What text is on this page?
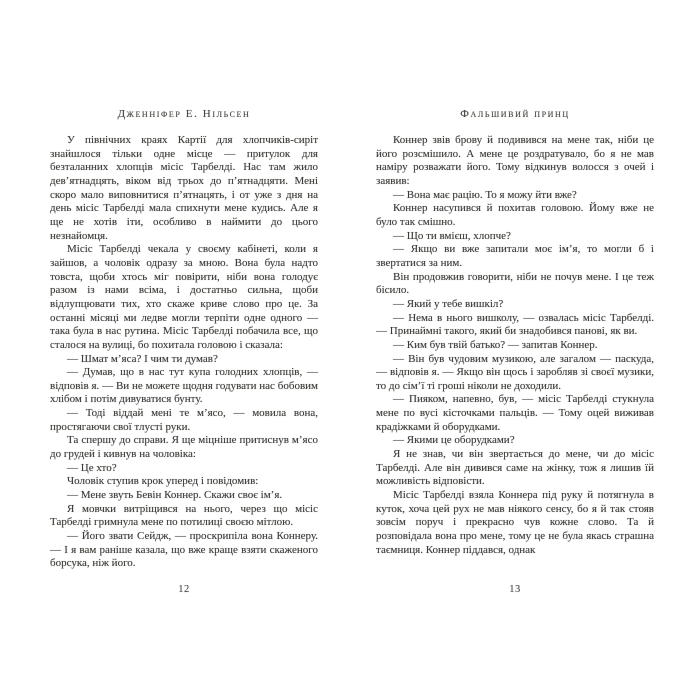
Дженніфер Е. Нільсен

У північних краях Картії для хлопчиків-сиріт знайшлося тільки одне місце — притулок для безталанних хлопців місіс Тарбелді. Нас там жило дев’ятнадцять, віком від трьох до п’ятнадцяти. Мені скоро мало виповнитися п’ятнацять, і от уже з дня на день місіс Тарбелді мала спихнути мене кудись. Але я ще не хотів іти, особливо в наймити до цього незнайомця.

Місіс Тарбелді чекала у своєму кабінеті, коли я зайшов, а чоловік одразу за мною. Вона була надто товста, щоби хтось міг повірити, ніби вона голодує разом із нами всіма, і достатньо сильна, щоби відлупцювати тих, хто скаже криве слово про це. За останні місяці ми ледве могли терпіти одне одного — така була в нас рутина. Місіс Тарбелді побачила все, що сталося на вулиці, бо похитала головою і сказала:

— Шмат м’яса? І чим ти думав?

— Думав, що в нас тут купа голодних хлопців, — відповів я. — Ви не можете щодня годувати нас бобовим хлібом і потім дивуватися бунту.

— Тоді віддай мені те м’ясо, — мовила вона, простягаючи свої тлусті руки.

Та спершу до справи. Я ще міцніше притиснув м’ясо до грудей і кивнув на чоловіка:

— Це хто?

Чоловік ступив крок уперед і повідомив:

— Мене звуть Бевін Коннер. Скажи своє ім’я.

Я мовчки витріщився на нього, через що місіс Тарбелді гримнула мене по потилиці своєю мітлою.

— Його звати Сейдж, — проскрипіла вона Коннеру. — І я вам раніше казала, що вже краще взяти скаженого борсука, ніж його.

12
Фальшивий принц

Коннер звів брову й подивився на мене так, ніби це його розсмішило. А мене це роздратувало, бо я не мав наміру розважати його. Тому відкинув волосся з очей і заявив:

— Вона має рацію. То я можу йти вже?

Коннер насупився й похитав головою. Йому вже не було так смішно.

— Що ти вмієш, хлопче?

— Якщо ви вже запитали моє ім’я, то могли б і звертатися за ним.

Він продовжив говорити, ніби не почув мене. І це теж бісило.

— Який у тебе вишкіл?

— Нема в нього вишколу, — озвалась місіс Тарбелді. — Принаймні такого, який би знадобився панові, як ви.

— Ким був твій батько? — запитав Коннер.

— Він був чудовим музикою, але загалом — паскуда, — відповів я. — Якщо він щось і заробляв зі своєї музики, то до сім’ї ті гроші ніколи не доходили.

— Пияком, напевно, був, — місіс Тарбелді стукнула мене по вусі кісточками пальців. — Тому оцей виживав крадіжками й оборудками.

— Якими це оборудками?

Я не знав, чи він звертається до мене, чи до місіс Тарбелді. Але він дивився саме на жінку, тож я лишив їй можливість відповісти.

Місіс Тарбелді взяла Коннера під руку й потягнула в куток, хоча цей рух не мав ніякого сенсу, бо я й так стояв зовсім поруч і прекрасно чув кожне слово. Та й розповідала вона про мене, тому це не була якась страшна таємниця. Коннер піддався, однак

13
